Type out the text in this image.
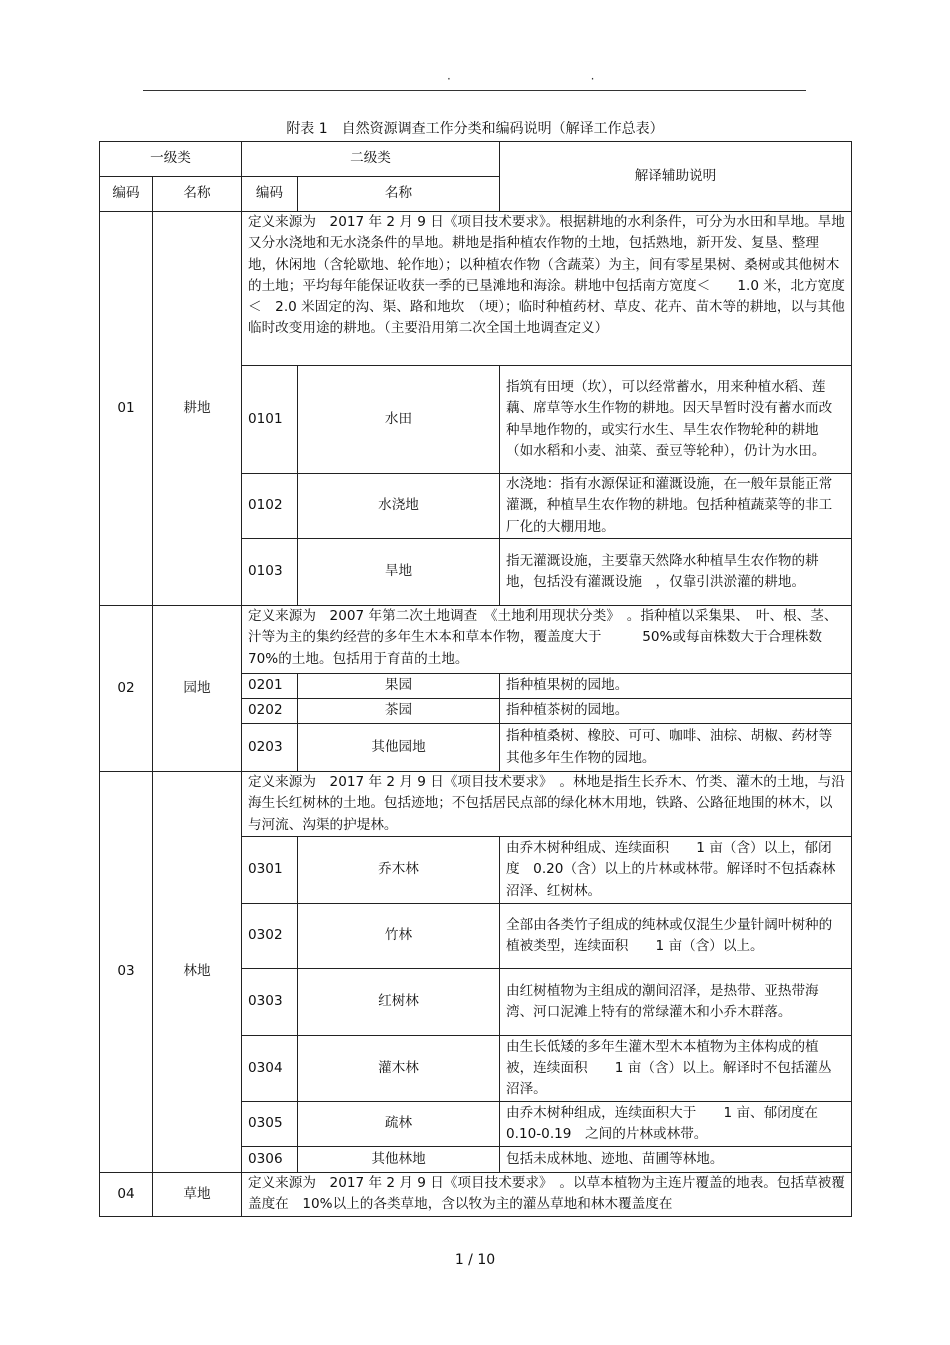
· ·
附表 1　自然资源调查工作分类和编码说明（解译工作总表）
一级类		二级类		解译辅助说明
编码	名称	编码	名称	
01	耕地	定义来源为　2017 年 2 月 9 日《项目技术要求》。根据耕地的水利条件，可分为水田和旱地。旱地又分水浇地和无水浇条件的旱地。耕地是指种植农作物的土地，包括熟地，新开发、复垦、整理地，休闲地（含轮歇地、轮作地）；以种植农作物（含蔬菜）为主，间有零星果树、桑树或其他树木的土地；平均每年能保证收获一季的已垦滩地和海涂。耕地中包括南方宽度＜　　1.0 米，北方宽度＜　2.0 米固定的沟、渠、路和地坎　（埂）；临时种植药材、草皮、花卉、苗木等的耕地，以与其他临时改变用途的耕地。（主要沿用第二次全国土地调查定义）		
		0101	水田	指筑有田埂（坎），可以经常蓄水，用来种植水稻、莲藕、席草等水生作物的耕地。因天旱暂时没有蓄水而改种旱地作物的，或实行水生、旱生农作物轮种的耕地（如水稻和小麦、油菜、蚕豆等轮种），仍计为水田。
		0102	水浇地	水浇地：指有水源保证和灌溉设施，在一般年景能正常灌溉，种植旱生农作物的耕地。包括种植蔬菜等的非工厂化的大棚用地。
		0103	旱地	指无灌溉设施，主要靠天然降水种植旱生农作物的耕地，包括没有灌溉设施　，仅靠引洪淤灌的耕地。
02	园地	定义来源为　2007 年第二次土地调查　《土地利用现状分类》　。指种植以采集果、　叶、根、茎、汁等为主的集约经营的多年生木本和草本作物，覆盖度大于　　　50%或每亩株数大于合理株数　70%的土地。包括用于育苗的土地。		
		0201	果园	指种植果树的园地。
		0202	茶园	指种植茶树的园地。
		0203	其他园地	指种植桑树、橡胶、可可、咖啡、油棕、胡椒、药材等其他多年生作物的园地。
03	林地	定义来源为　2017 年 2 月 9 日《项目技术要求》　。林地是指生长乔木、竹类、灌木的土地，与沿海生长红树林的土地。包括迹地；不包括居民点部的绿化林木用地，铁路、公路征地围的林木，以与河流、沟渠的护堤林。		
		0301	乔木林	由乔木树种组成、连续面积　　1 亩（含）以上，郁闭度　0.20（含）以上的片林或林带。解译时不包括森林沼泽、红树林。
		0302	竹林	全部由各类竹子组成的纯林或仅混生少量针阔叶树种的植被类型，连续面积　　1 亩（含）以上。
		0303	红树林	由红树植物为主组成的潮间沼泽，是热带、亚热带海湾、河口泥滩上特有的常绿灌木和小乔木群落。
		0304	灌木林	由生长低矮的多年生灌木型木本植物为主体构成的植被，连续面积　　1 亩（含）以上。解译时不包括灌丛沼泽。
		0305	疏林	由乔木树种组成，连续面积大于　　1 亩、郁闭度在 0.10-0.19　之间的片林或林带。
		0306	其他林地	包括未成林地、迹地、苗圃等林地。
04	草地	定义来源为　2017 年 2 月 9 日《项目技术要求》　。以草本植物为主连片覆盖的地表。包括草被覆盖度在　10%以上的各类草地，含以牧为主的灌丛草地和林木覆盖度在		
1 / 10
